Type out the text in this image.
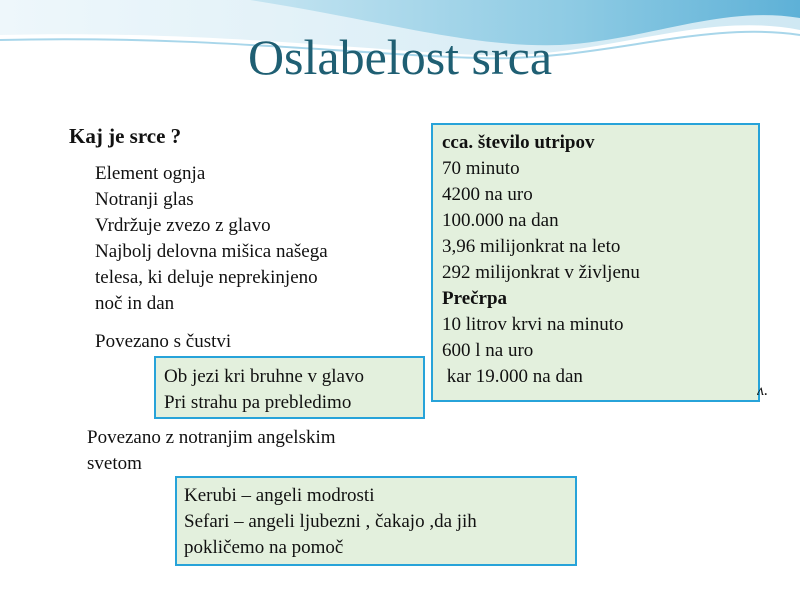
Oslabelost srca
Kaj je srce ?
Element ognja
Notranji glas
Vrdržuje zvezo z glavo
Najbolj delovna mišica našega
telesa, ki deluje neprekinjeno
noč in dan
Povezano s čustvi
Ob jezi kri bruhne v glavo
Pri strahu pa prebledimo
Povezano z notranjim angelskim
svetom
Kerubi – angeli modrosti
Sefari – angeli ljubezni , čakajo ,da jih
pokličemo na pomoč
cca. število utripov
70 minuto
4200 na uro
100.000 na dan
3,96 milijonkrat na leto
292 milijonkrat v življenu
Prečrpa
10 litrov krvi na minuto
600 l na uro
kar 19.000 na dan
ʌ.
